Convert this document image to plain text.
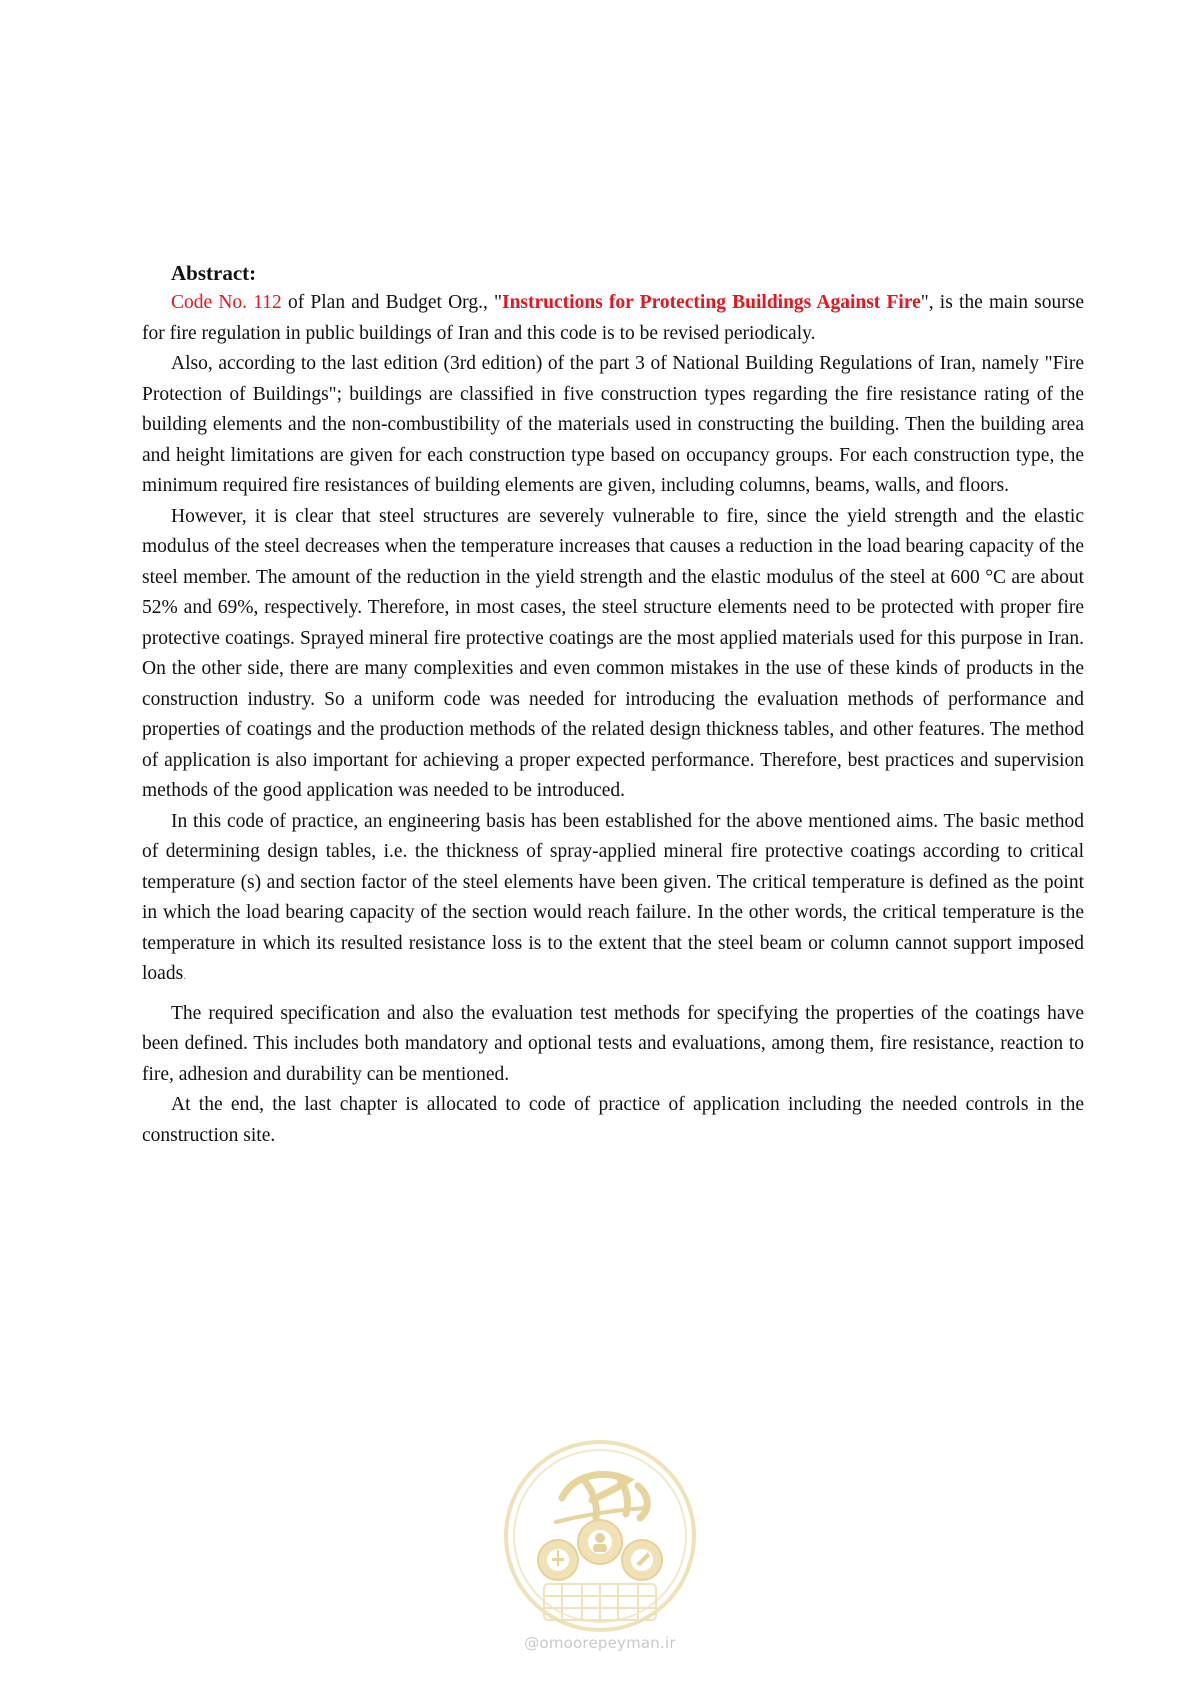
Abstract:

Code No. 112 of Plan and Budget Org., "Instructions for Protecting Buildings Against Fire", is the main sourse for fire regulation in public buildings of Iran and this code is to be revised periodicaly.

Also, according to the last edition (3rd edition) of the part 3 of National Building Regulations of Iran, namely "Fire Protection of Buildings"; buildings are classified in five construction types regarding the fire resistance rating of the building elements and the non-combustibility of the materials used in constructing the building. Then the building area and height limitations are given for each construction type based on occupancy groups. For each construction type, the minimum required fire resistances of building elements are given, including columns, beams, walls, and floors.

However, it is clear that steel structures are severely vulnerable to fire, since the yield strength and the elastic modulus of the steel decreases when the temperature increases that causes a reduction in the load bearing capacity of the steel member. The amount of the reduction in the yield strength and the elastic modulus of the steel at 600 °C are about 52% and 69%, respectively. Therefore, in most cases, the steel structure elements need to be protected with proper fire protective coatings. Sprayed mineral fire protective coatings are the most applied materials used for this purpose in Iran. On the other side, there are many complexities and even common mistakes in the use of these kinds of products in the construction industry. So a uniform code was needed for introducing the evaluation methods of performance and properties of coatings and the production methods of the related design thickness tables, and other features. The method of application is also important for achieving a proper expected performance. Therefore, best practices and supervision methods of the good application was needed to be introduced.

In this code of practice, an engineering basis has been established for the above mentioned aims. The basic method of determining design tables, i.e. the thickness of spray-applied mineral fire protective coatings according to critical temperature (s) and section factor of the steel elements have been given. The critical temperature is defined as the point in which the load bearing capacity of the section would reach failure. In the other words, the critical temperature is the temperature in which its resulted resistance loss is to the extent that the steel beam or column cannot support imposed loads.

The required specification and also the evaluation test methods for specifying the properties of the coatings have been defined. This includes both mandatory and optional tests and evaluations, among them, fire resistance, reaction to fire, adhesion and durability can be mentioned.

At the end, the last chapter is allocated to code of practice of application including the needed controls in the construction site.

@omoorepeyman.ir
